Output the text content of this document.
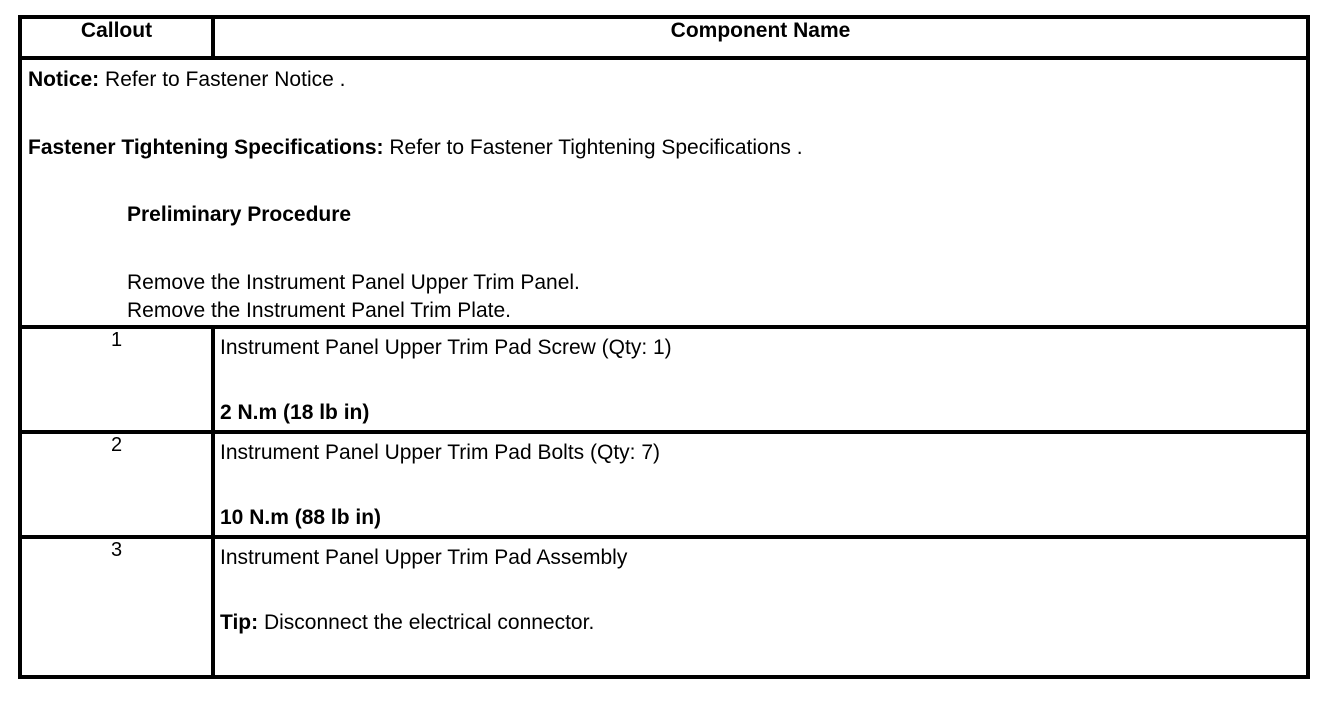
Callout	Component Name

Notice: Refer to Fastener Notice .
Fastener Tightening Specifications: Refer to Fastener Tightening Specifications .
Preliminary Procedure
Remove the Instrument Panel Upper Trim Panel.
Remove the Instrument Panel Trim Plate.	

1	Instrument Panel Upper Trim Pad Screw (Qty: 1)
2 N.m (18 lb in)

2	Instrument Panel Upper Trim Pad Bolts (Qty: 7)
10 N.m (88 lb in)

3	Instrument Panel Upper Trim Pad Assembly
Tip: Disconnect the electrical connector.
